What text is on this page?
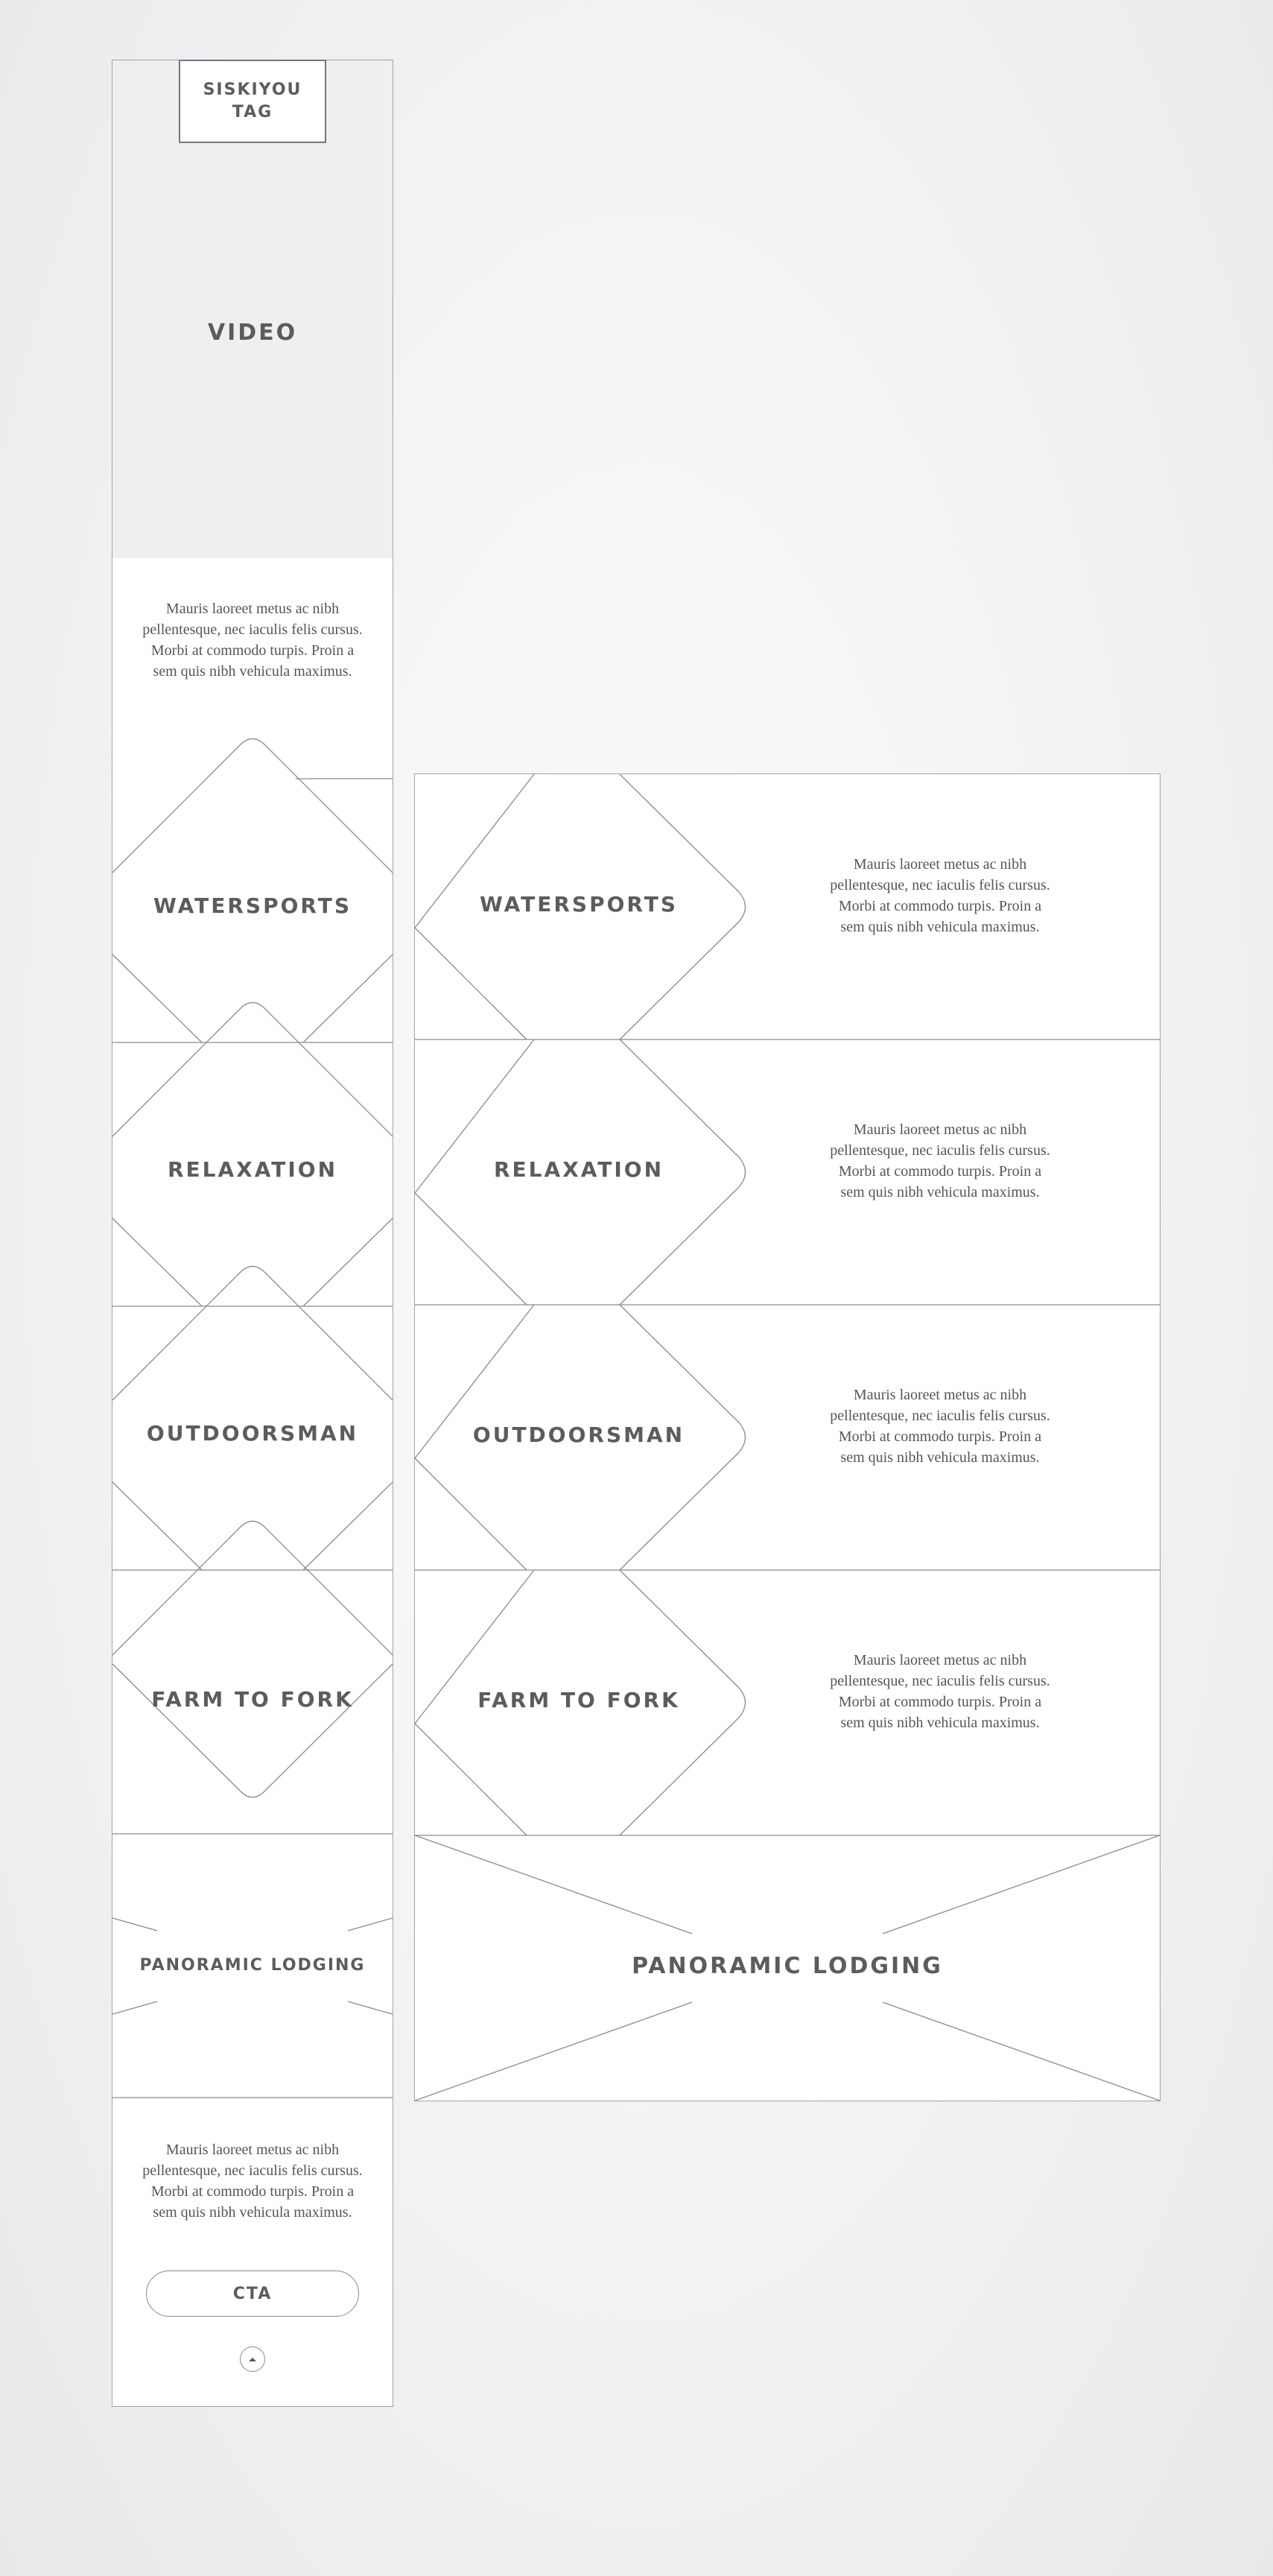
VIDEO
SISKIYOU TAG
Mauris laoreet metus ac nibh pellentesque, nec iaculis felis cursus. Morbi at commodo turpis. Proin a sem quis nibh vehicula maximus.
WATERSPORTS
RELAXATION
OUTDOORSMAN
FARM TO FORK
PANORAMIC LODGING
Mauris laoreet metus ac nibh pellentesque, nec iaculis felis cursus. Morbi at commodo turpis. Proin a sem quis nibh vehicula maximus.
CTA
WATERSPORTS
Mauris laoreet metus ac nibh pellentesque, nec iaculis felis cursus. Morbi at commodo turpis. Proin a sem quis nibh vehicula maximus.
RELAXATION
Mauris laoreet metus ac nibh pellentesque, nec iaculis felis cursus. Morbi at commodo turpis. Proin a sem quis nibh vehicula maximus.
OUTDOORSMAN
Mauris laoreet metus ac nibh pellentesque, nec iaculis felis cursus. Morbi at commodo turpis. Proin a sem quis nibh vehicula maximus.
FARM TO FORK
Mauris laoreet metus ac nibh pellentesque, nec iaculis felis cursus. Morbi at commodo turpis. Proin a sem quis nibh vehicula maximus.
PANORAMIC LODGING
